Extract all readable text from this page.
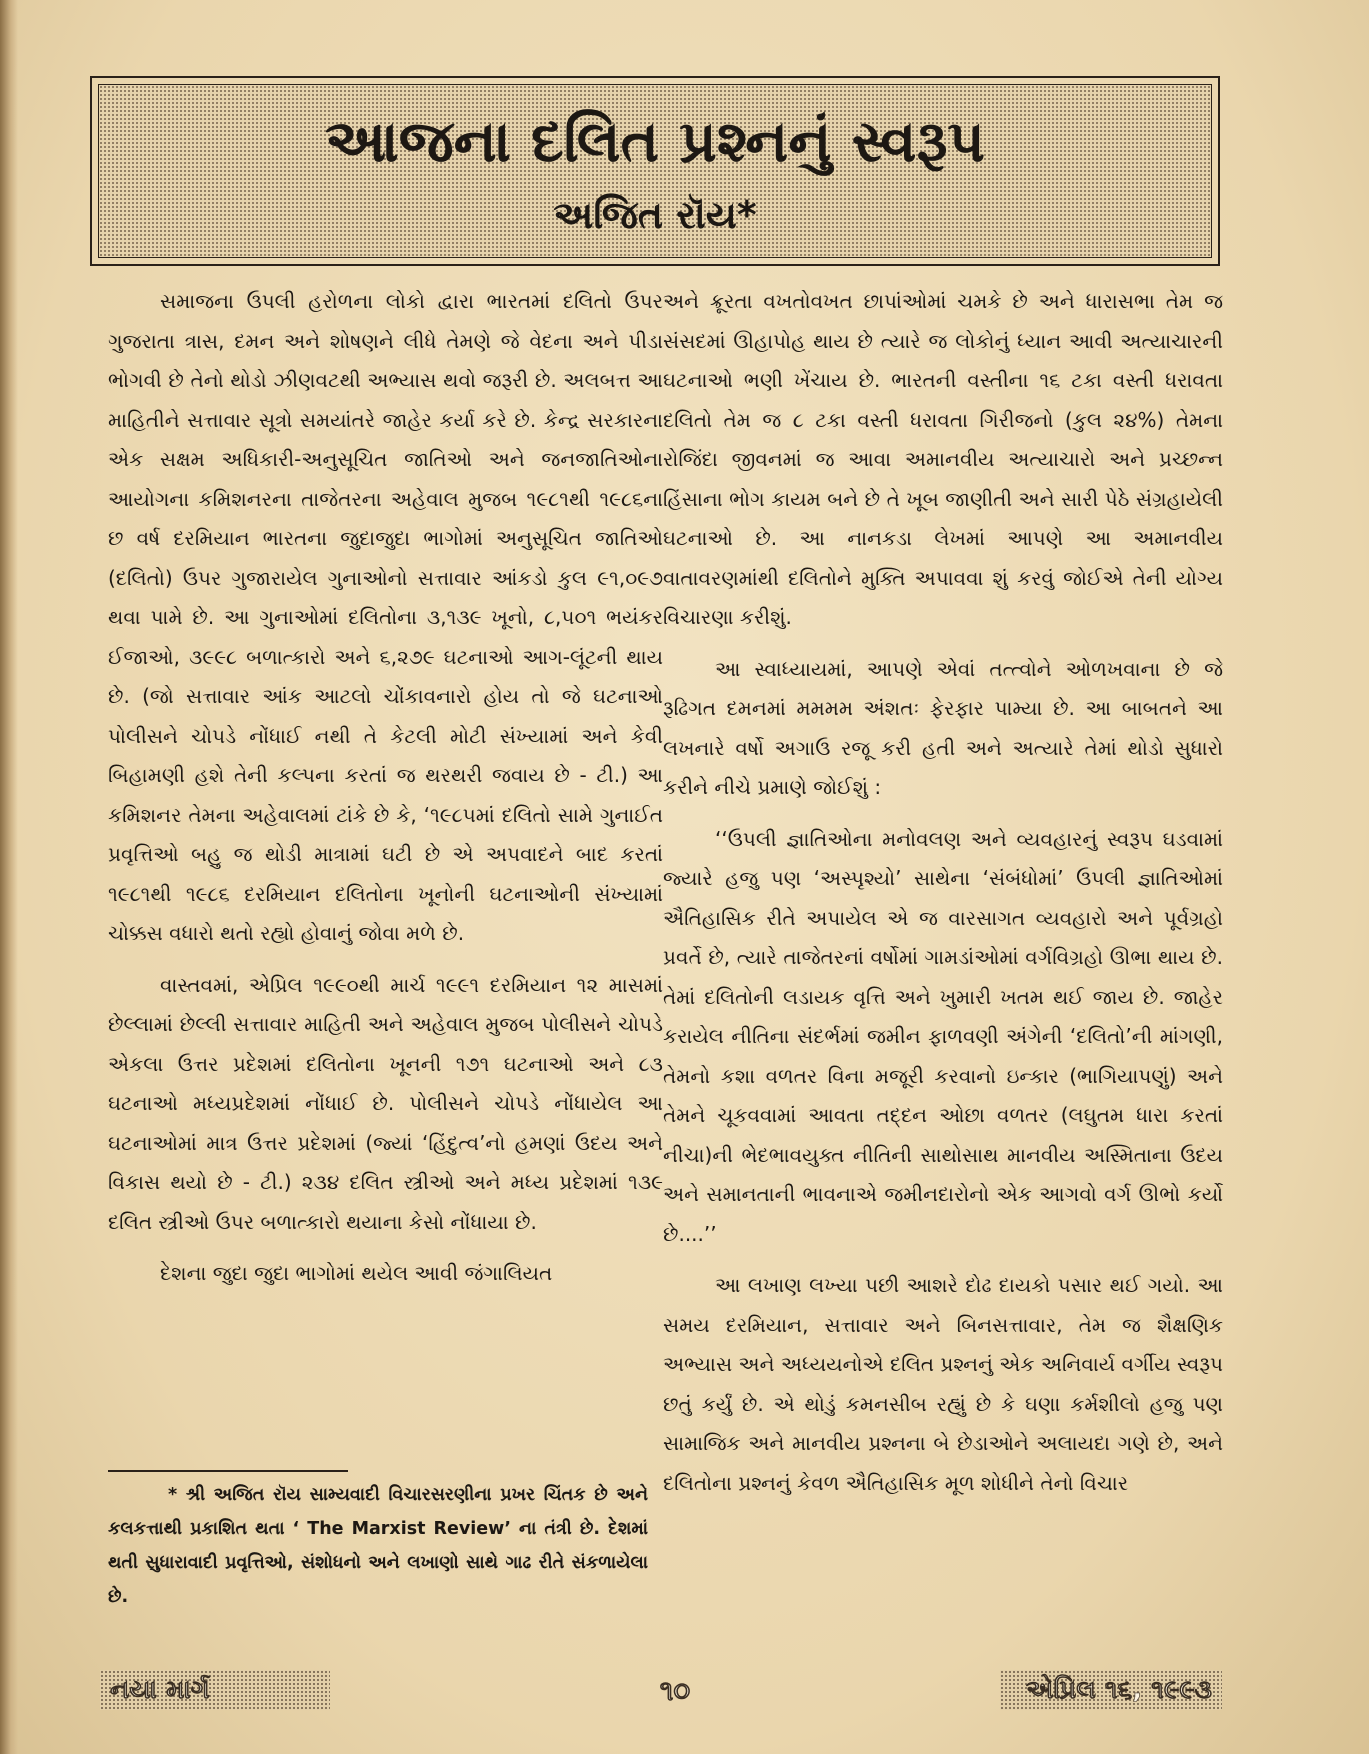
આજના દલિત પ્રશ્નનું સ્વરૂપ
અજિત રૉય*

સમાજના ઉપલી હરોળના લોકો દ્વારા ભારતમાં દલિતો ઉપર ગુજરાતા ત્રાસ, દમન અને શોષણને લીધે તેમણે જે વેદના અને પીડા ભોગવી છે તેનો થોડો ઝીણવટથી અભ્યાસ થવો જરૂરી છે. અલબત્ત આ માહિતીને સત્તાવાર સૂત્રો સમયાંતરે જાહેર કર્યા કરે છે. કેન્દ્ર સરકારના એક સક્ષમ અધિકારી-અનુસૂચિત જાતિઓ અને જનજાતિઓના આયોગના કમિશનરના તાજેતરના અહેવાલ મુજબ ૧૯૮૧થી ૧૯૮૬ના છ વર્ષ દરમિયાન ભારતના જુદાજુદા ભાગોમાં અનુસૂચિત જાતિઓ (દલિતો) ઉપર ગુજારાયેલ ગુનાઓનો સત્તાવાર આંકડો કુલ ૯૧,૦૯૭ થવા પામે છે. આ ગુનાઓમાં દલિતોના ૩,૧૩૯ ખૂનો, ૮,૫૦૧ ભયંકર ઈજાઓ, ૩૯૯૮ બળાત્કારો અને ૬,૨૭૯ ઘટનાઓ આગ-લૂંટની થાય છે. (જો સત્તાવાર આંક આટલો ચોંકાવનારો હોય તો જે ઘટનાઓ પોલીસને ચોપડે નોંધાઈ નથી તે કેટલી મોટી સંખ્યામાં અને કેવી બિહામણી હશે તેની કલ્પના કરતાં જ થરથરી જવાય છે - ટી.) આ કમિશનર તેમના અહેવાલમાં ટાંકે છે કે, ‘૧૯૮૫માં દલિતો સામે ગુનાઈત પ્રવૃત્તિઓ બહુ જ થોડી માત્રામાં ઘટી છે એ અપવાદને બાદ કરતાં ૧૯૮૧થી ૧૯૮૬ દરમિયાન દલિતોના ખૂનોની ઘટનાઓની સંખ્યામાં ચોક્કસ વધારો થતો રહ્યો હોવાનું જોવા મળે છે.

વાસ્તવમાં, એપ્રિલ ૧૯૯૦થી માર્ચ ૧૯૯૧ દરમિયાન ૧૨ માસમાં છેલ્લામાં છેલ્લી સત્તાવાર માહિતી અને અહેવાલ મુજબ પોલીસને ચોપડે એકલા ઉત્તર પ્રદેશમાં દલિતોના ખૂનની ૧૭૧ ઘટનાઓ અને ૮૩ ઘટનાઓ મધ્યપ્રદેશમાં નોંધાઈ છે. પોલીસને ચોપડે નોંધાયેલ આ ઘટનાઓમાં માત્ર ઉત્તર પ્રદેશમાં (જ્યાં ‘હિંદુત્વ’નો હમણાં ઉદય અને વિકાસ થયો છે - ટી.) ૨૩૪ દલિત સ્ત્રીઓ અને મધ્ય પ્રદેશમાં ૧૩૯ દલિત સ્ત્રીઓ ઉપર બળાત્કારો થયાના કેસો નોંધાયા છે.

દેશના જુદા જુદા ભાગોમાં થયેલ આવી જંગાલિયત

* શ્રી અજિત રૉય સામ્યવાદી વિચારસરણીના પ્રખર ચિંતક છે અને કલકત્તાથી પ્રકાશિત થતા ‘ The Marxist Review’ ના તંત્રી છે. દેશમાં થતી સુધારાવાદી પ્રવૃત્તિઓ, સંશોધનો અને લખાણો સાથે ગાઢ રીતે સંકળાયેલા છે.

અને ક્રૂરતા વખતોવખત છાપાંઓમાં ચમકે છે અને ધારાસભા તેમ જ સંસદમાં ઊહાપોહ થાય છે ત્યારે જ લોકોનું ધ્યાન આવી અત્યાચારની ઘટનાઓ ભણી ખેંચાય છે. ભારતની વસ્તીના ૧૬ ટકા વસ્તી ધરાવતા દલિતો તેમ જ ૮ ટકા વસ્તી ધરાવતા ગિરીજનો (કુલ ૨૪%) તેમના રોજિંદા જીવનમાં જ આવા અમાનવીય અત્યાચારો અને પ્રચ્છન્ન હિંસાના ભોગ કાયમ બને છે તે ખૂબ જાણીતી અને સારી પેઠે સંગ્રહાયેલી ઘટનાઓ છે. આ નાનકડા લેખમાં આપણે આ અમાનવીય વાતાવરણમાંથી દલિતોને મુક્તિ અપાવવા શું કરવું જોઈએ તેની યોગ્ય વિચારણા કરીશું.

આ સ્વાધ્યાયમાં, આપણે એવાં તત્ત્વોને ઓળખવાના છે જે રૂઢિગત દમનમાં મમમમ અંશતઃ ફેરફાર પામ્યા છે. આ બાબતને આ લખનારે વર્ષો અગાઉ રજૂ કરી હતી અને અત્યારે તેમાં થોડો સુધારો કરીને નીચે પ્રમાણે જોઈશું :

‘‘ઉપલી જ્ઞાતિઓના મનોવલણ અને વ્યવહારનું સ્વરૂપ ઘડવામાં જ્યારે હજુ પણ ‘અસ્પૃશ્યો’ સાથેના ‘સંબંધોમાં’ ઉપલી જ્ઞાતિઓમાં ઐતિહાસિક રીતે અપાયેલ એ જ વારસાગત વ્યવહારો અને પૂર્વગ્રહો પ્રવર્તે છે, ત્યારે તાજેતરનાં વર્ષોમાં ગામડાંઓમાં વર્ગવિગ્રહો ઊભા થાય છે. તેમાં દલિતોની લડાયક વૃત્તિ અને ખુમારી ખતમ થઈ જાય છે. જાહેર કરાયેલ નીતિના સંદર્ભમાં જમીન ફાળવણી અંગેની ‘દલિતો’ની માંગણી, તેમનો કશા વળતર વિના મજૂરી કરવાનો ઇન્કાર (ભાગિયાપણું) અને તેમને ચૂકવવામાં આવતા તદ્દન ઓછા વળતર (લઘુતમ ધારા કરતાં નીચા)ની ભેદભાવયુક્ત નીતિની સાથોસાથ માનવીય અસ્મિતાના ઉદય અને સમાનતાની ભાવનાએ જમીનદારોનો એક આગવો વર્ગ ઊભો કર્યો છે....’’

આ લખાણ લખ્યા પછી આશરે દોઢ દાયકો પસાર થઈ ગયો. આ સમય દરમિયાન, સત્તાવાર અને બિનસત્તાવાર, તેમ જ શૈક્ષણિક અભ્યાસ અને અધ્યયનોએ દલિત પ્રશ્નનું એક અનિવાર્ય વર્ગીય સ્વરૂપ છતું કર્યું છે. એ થોડું કમનસીબ રહ્યું છે કે ઘણા કર્મશીલો હજુ પણ સામાજિક અને માનવીય પ્રશ્નના બે છેડાઓને અલાયદા ગણે છે, અને દલિતોના પ્રશ્નનું કેવળ ઐતિહાસિક મૂળ શોધીને તેનો વિચાર

નયા માર્ગ	૧૦	એપ્રિલ ૧૬, ૧૯૯૩
